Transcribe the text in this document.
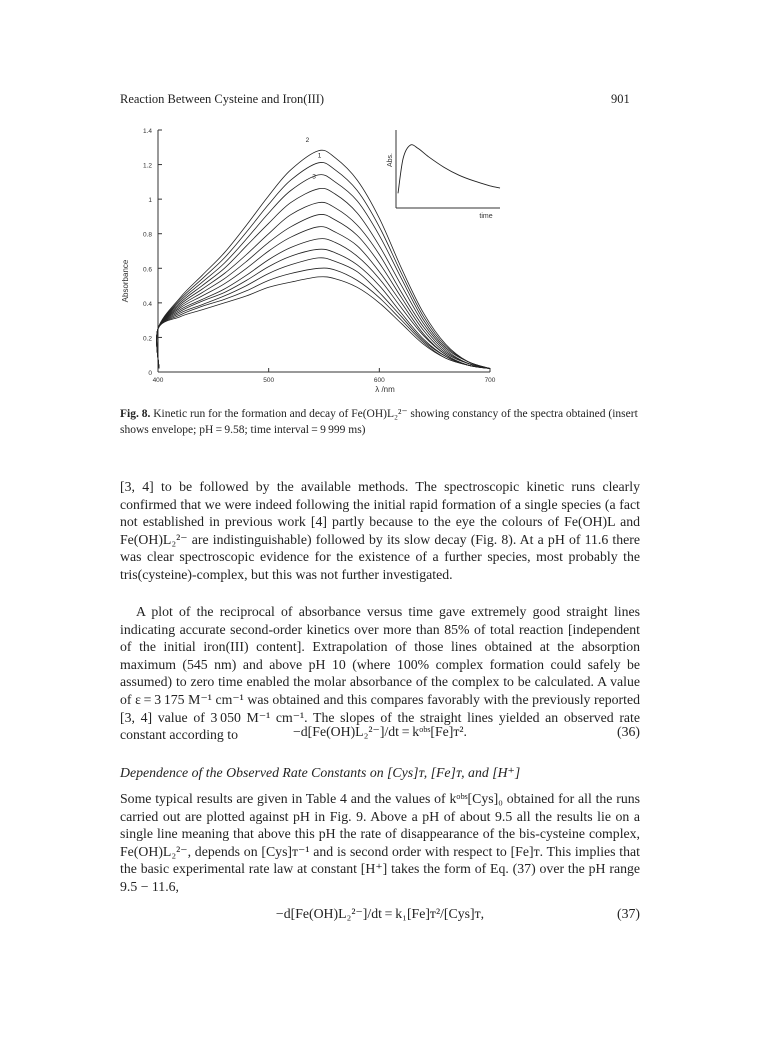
Reaction Between Cysteine and Iron(III)	901
0
0.2
0.4
0.6
0.8
1
1.2
1.4
400	500	600	700
λ /nm
Absorbance
1
2
3
Abs.
time
Fig. 8. Kinetic run for the formation and decay of Fe(OH)L₂²⁻ showing constancy of the spectra obtained (insert shows envelope; pH = 9.58; time interval = 9 999 ms)

[3, 4] to be followed by the available methods. The spectroscopic kinetic runs clearly confirmed that we were indeed following the initial rapid formation of a single species (a fact not established in previous work [4] partly because to the eye the colours of Fe(OH)L and Fe(OH)L₂²⁻ are indistinguishable) followed by its slow decay (Fig. 8). At a pH of 11.6 there was clear spectroscopic evidence for the existence of a further species, most probably the tris(cysteine)-complex, but this was not further investigated.

A plot of the reciprocal of absorbance versus time gave extremely good straight lines indicating accurate second-order kinetics over more than 85% of total reaction [independent of the initial iron(III) content]. Extrapolation of those lines obtained at the absorption maximum (545 nm) and above pH 10 (where 100% complex formation could safely be assumed) to zero time enabled the molar absorbance of the complex to be calculated. A value of ε = 3 175 M⁻¹ cm⁻¹ was obtained and this compares favorably with the previously reported [3, 4] value of 3 050 M⁻¹ cm⁻¹. The slopes of the straight lines yielded an observed rate constant according to	−d[Fe(OH)L₂²⁻]/dt = kᵒᵇˢ[Fe]ᴛ².	(36)
Dependence of the Observed Rate Constants on [Cys]ᴛ, [Fe]ᴛ, and [H⁺]

Some typical results are given in Table 4 and the values of kᵒᵇˢ[Cys]₀ obtained for all the runs carried out are plotted against pH in Fig. 9. Above a pH of about 9.5 all the results lie on a single line meaning that above this pH the rate of disappearance of the bis-cysteine complex, Fe(OH)L₂²⁻, depends on [Cys]ᴛ⁻¹ and is second order with respect to [Fe]ᴛ. This implies that the basic experimental rate law at constant [H⁺] takes the form of Eq. (37) over the pH range 9.5 − 11.6,

−d[Fe(OH)L₂²⁻]/dt = k₁[Fe]ᴛ²/[Cys]ᴛ,	(37)
